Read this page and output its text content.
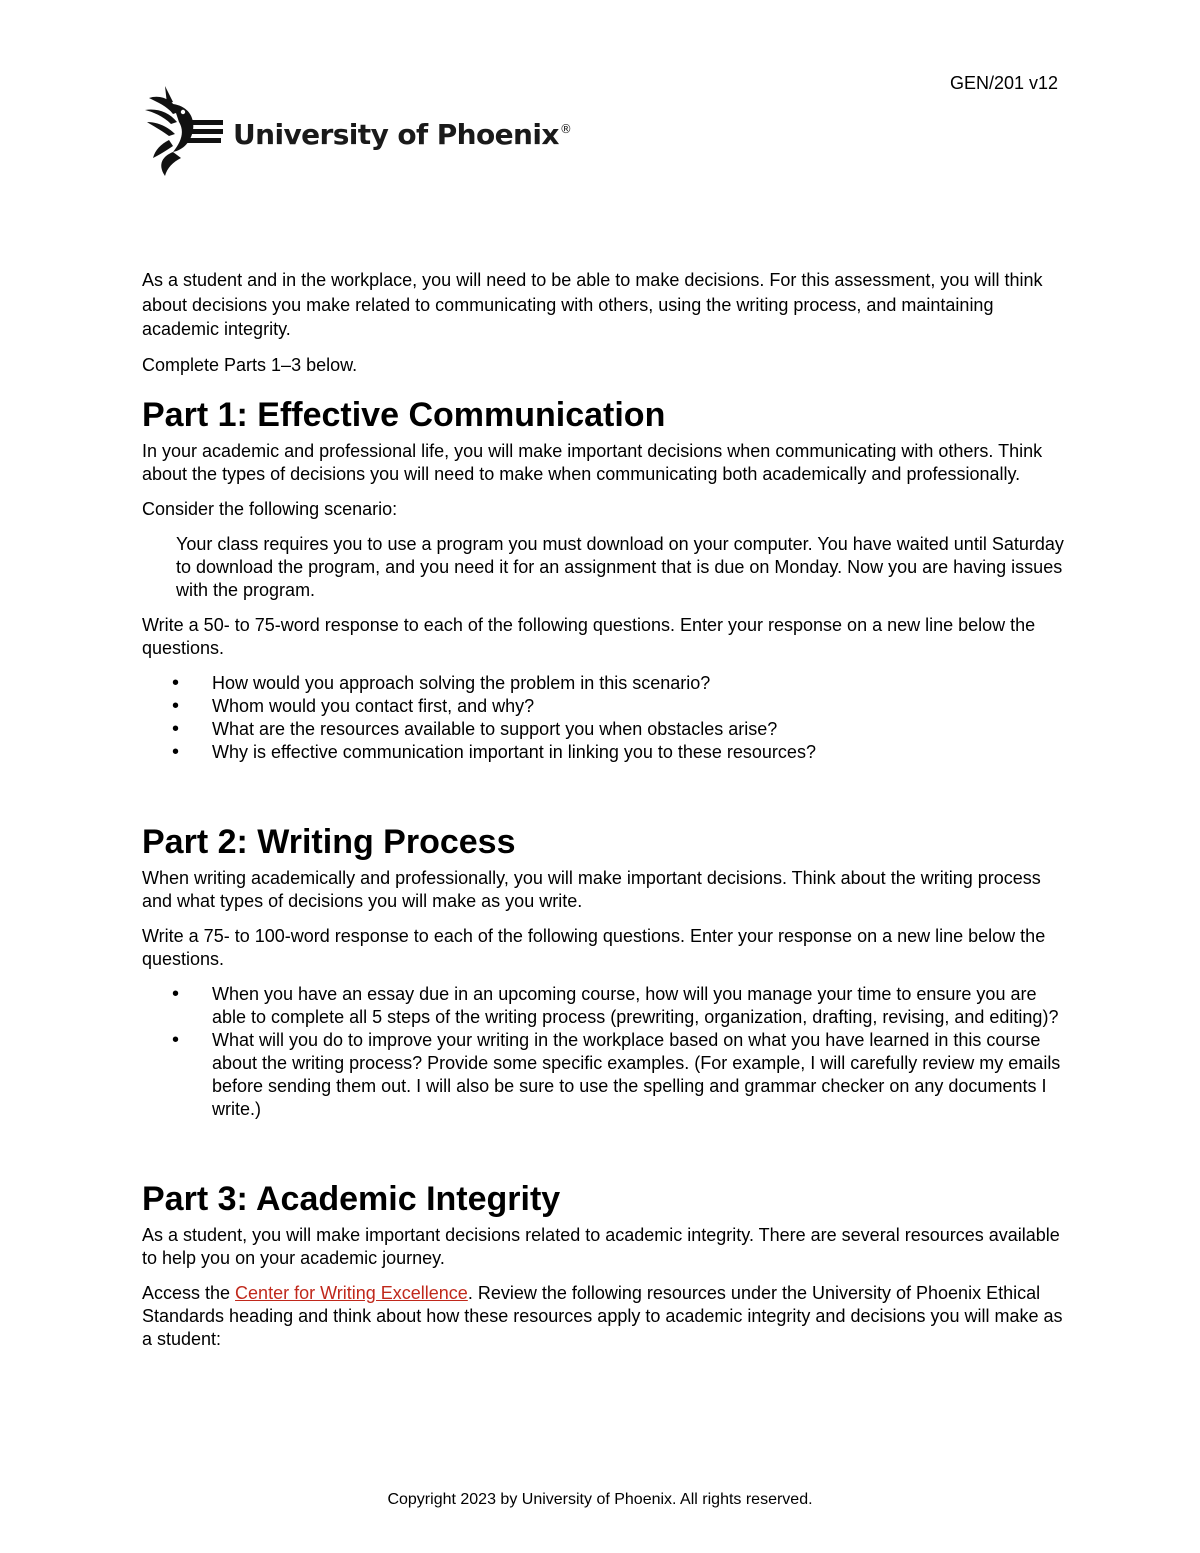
GEN/201 v12
University of Phoenix ®

As a student and in the workplace, you will need to be able to make decisions. For this assessment, you will think about decisions you make related to communicating with others, using the writing process, and maintaining academic integrity.

Complete Parts 1–3 below.

Part 1: Effective Communication

In your academic and professional life, you will make important decisions when communicating with others. Think about the types of decisions you will need to make when communicating both academically and professionally.

Consider the following scenario:

Your class requires you to use a program you must download on your computer. You have waited until Saturday to download the program, and you need it for an assignment that is due on Monday. Now you are having issues with the program.

Write a 50- to 75-word response to each of the following questions. Enter your response on a new line below the questions.

• How would you approach solving the problem in this scenario?
• Whom would you contact first, and why?
• What are the resources available to support you when obstacles arise?
• Why is effective communication important in linking you to these resources?
Part 2: Writing Process

When writing academically and professionally, you will make important decisions. Think about the writing process and what types of decisions you will make as you write.

Write a 75- to 100-word response to each of the following questions. Enter your response on a new line below the questions.

• When you have an essay due in an upcoming course, how will you manage your time to ensure you are able to complete all 5 steps of the writing process (prewriting, organization, drafting, revising, and editing)?
• What will you do to improve your writing in the workplace based on what you have learned in this course about the writing process? Provide some specific examples. (For example, I will carefully review my emails before sending them out. I will also be sure to use the spelling and grammar checker on any documents I write.)
Part 3: Academic Integrity

As a student, you will make important decisions related to academic integrity. There are several resources available to help you on your academic journey.

Access the Center for Writing Excellence. Review the following resources under the University of Phoenix Ethical Standards heading and think about how these resources apply to academic integrity and decisions you will make as a student:

Copyright 2023 by University of Phoenix. All rights reserved.
